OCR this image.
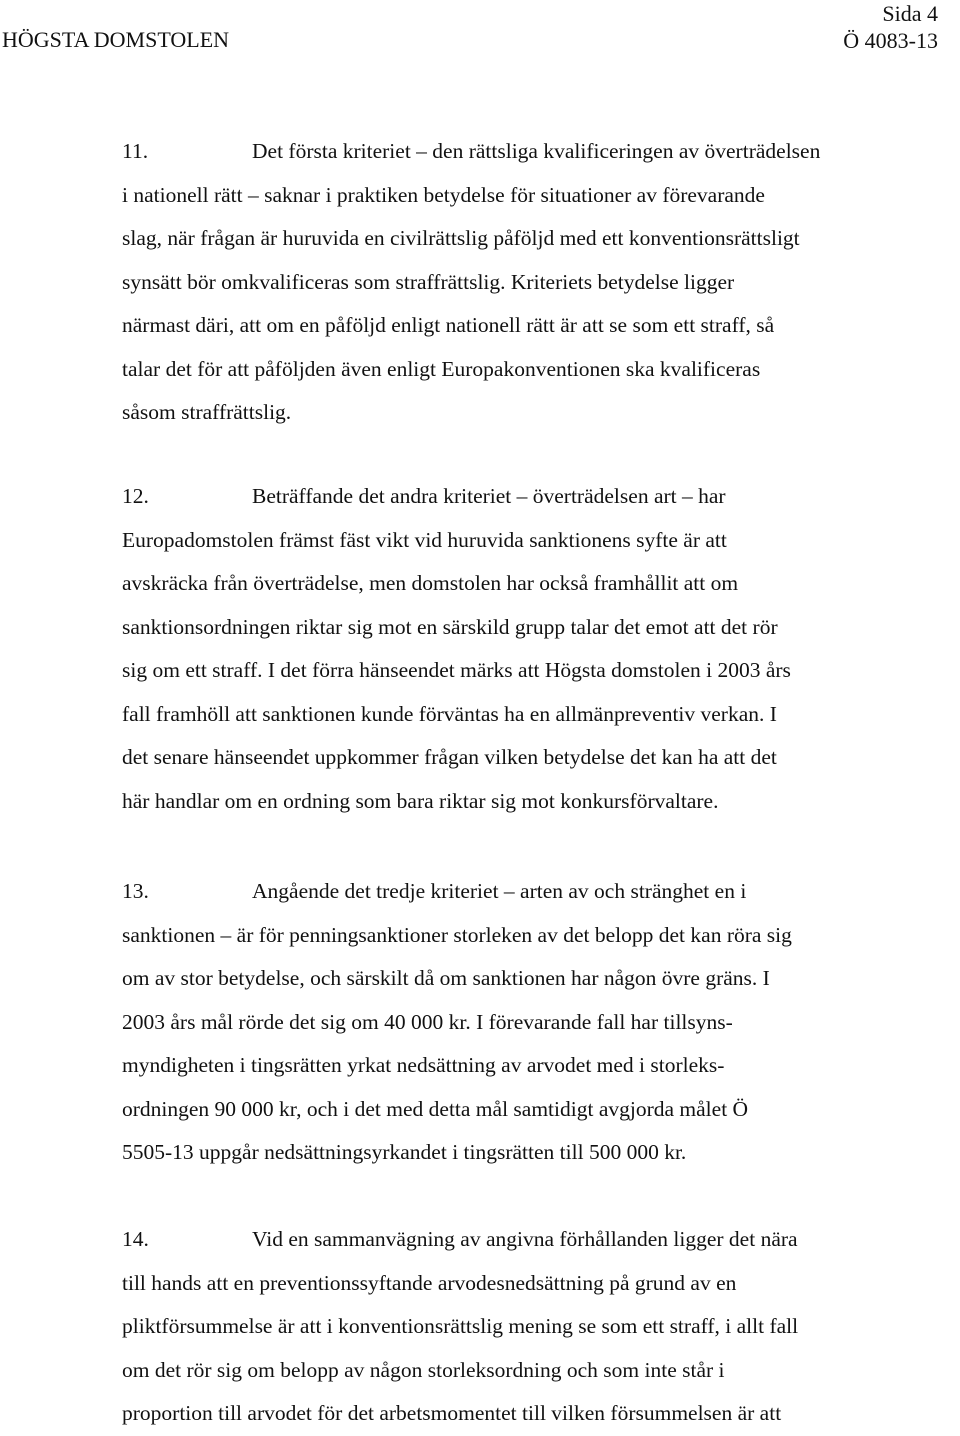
HÖGSTA DOMSTOLEN
Sida 4
Ö 4083-13
11.	Det första kriteriet – den rättsliga kvalificeringen av överträdelsen
i nationell rätt – saknar i praktiken betydelse för situationer av förevarande
slag, när frågan är huruvida en civilrättslig påföljd med ett konventionsrättsligt
synsätt bör omkvalificeras som straffrättslig. Kriteriets betydelse ligger
närmast däri, att om en påföljd enligt nationell rätt är att se som ett straff, så
talar det för att påföljden även enligt Europakonventionen ska kvalificeras
såsom straffrättslig.
12.	Beträffande det andra kriteriet – överträdelsen art – har
Europadomstolen främst fäst vikt vid huruvida sanktionens syfte är att
avskräcka från överträdelse, men domstolen har också framhållit att om
sanktionsordningen riktar sig mot en särskild grupp talar det emot att det rör
sig om ett straff. I det förra hänseendet märks att Högsta domstolen i 2003 års
fall framhöll att sanktionen kunde förväntas ha en allmänpreventiv verkan. I
det senare hänseendet uppkommer frågan vilken betydelse det kan ha att det
här handlar om en ordning som bara riktar sig mot konkursförvaltare.
13.	Angående det tredje kriteriet – arten av och stränghet en i
sanktionen – är för penningsanktioner storleken av det belopp det kan röra sig
om av stor betydelse, och särskilt då om sanktionen har någon övre gräns. I
2003 års mål rörde det sig om 40 000 kr. I förevarande fall har tillsyns-
myndigheten i tingsrätten yrkat nedsättning av arvodet med i storleks-
ordningen 90 000 kr, och i det med detta mål samtidigt avgjorda målet Ö
5505-13 uppgår nedsättningsyrkandet i tingsrätten till 500 000 kr.
14.	Vid en sammanvägning av angivna förhållanden ligger det nära
till hands att en preventionssyftande arvodesnedsättning på grund av en
pliktförsummelse är att i konventionsrättslig mening se som ett straff, i allt fall
om det rör sig om belopp av någon storleksordning och som inte står i
proportion till arvodet för det arbetsmomentet till vilken försummelsen är att
